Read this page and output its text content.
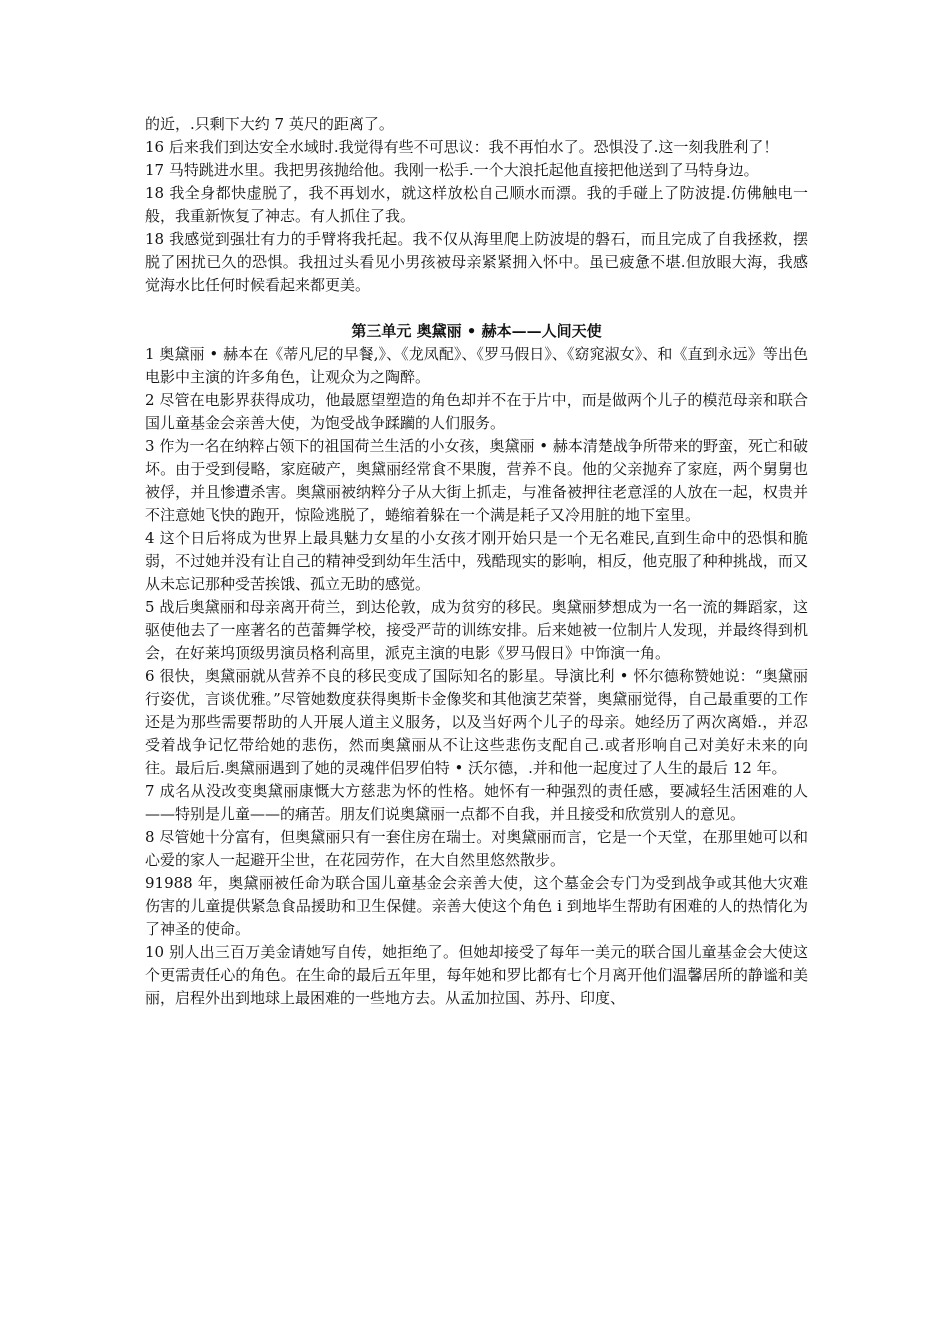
的近，.只剩下大约 7 英尺的距离了。

16 后来我们到达安全水域时.我觉得有些不可思议：我不再怕水了。恐惧没了.这一刻我胜利了！

17 马特跳进水里。我把男孩抛给他。我刚一松手.一个大浪托起他直接把他送到了马特身边。

18 我全身都快虚脱了，我不再划水，就这样放松自己顺水而漂。我的手碰上了防波提.仿佛触电一般，我重新恢复了神志。有人抓住了我。

18 我感觉到强壮有力的手臂将我托起。我不仅从海里爬上防波堤的磐石，而且完成了自我拯救，摆脱了困扰已久的恐惧。我扭过头看见小男孩被母亲紧紧拥入怀中。虽已疲惫不堪.但放眼大海，我感觉海水比任何时候看起来都更美。

第三单元 奥黛丽 • 赫本——人间天使

1 奥黛丽 • 赫本在《蒂凡尼的早餐,》、《龙凤配》、《罗马假日》、《窈窕淑女》、和《直到永远》等出色电影中主演的许多角色，让观众为之陶醉。

2 尽管在电影界获得成功，他最愿望塑造的角色却并不在于片中，而是做两个儿子的模范母亲和联合国儿童基金会亲善大使，为饱受战争蹂躏的人们服务。

3 作为一名在纳粹占领下的祖国荷兰生活的小女孩，奥黛丽 • 赫本清楚战争所带来的野蛮，死亡和破坏。由于受到侵略，家庭破产，奥黛丽经常食不果腹，营养不良。他的父亲抛弃了家庭，两个舅舅也被俘，并且惨遭杀害。奥黛丽被纳粹分子从大街上抓走，与准备被押往老意淫的人放在一起，权贵并不注意她飞快的跑开，惊险逃脱了，蜷缩着躲在一个满是耗子又冷用脏的地下室里。

4 这个日后将成为世界上最具魅力女星的小女孩才刚开始只是一个无名难民,直到生命中的恐惧和脆弱，不过她并没有让自己的精神受到幼年生活中，残酷现实的影响，相反，他克服了种种挑战，而又从未忘记那种受苦挨饿、孤立无助的感觉。

5 战后奥黛丽和母亲离开荷兰，到达伦敦，成为贫穷的移民。奥黛丽梦想成为一名一流的舞蹈家，这驱使他去了一座著名的芭蕾舞学校，接受严苛的训练安排。后来她被一位制片人发现，并最终得到机会，在好莱坞顶级男演员格利高里，派克主演的电影《罗马假日》中饰演一角。

6 很快，奥黛丽就从营养不良的移民变成了国际知名的影星。导演比利 • 怀尔德称赞她说：“奥黛丽行姿优，言谈优雅。”尽管她数度获得奥斯卡金像奖和其他演艺荣誉，奥黛丽觉得，自己最重要的工作还是为那些需要帮助的人开展人道主义服务，以及当好两个儿子的母亲。她经历了两次离婚.，并忍受着战争记忆带给她的悲伤，然而奥黛丽从不让这些悲伤支配自己.或者形响自己对美好未来的向往。最后后.奥黛丽遇到了她的灵魂伴侣罗伯特 • 沃尔德，.并和他一起度过了人生的最后 12 年。

7 成名从没改变奥黛丽康慨大方慈悲为怀的性格。她怀有一种强烈的责任感，要减轻生活困难的人——特别是儿童——的痛苦。朋友们说奥黛丽一点都不自我，并且接受和欣赏别人的意见。

8 尽管她十分富有，但奥黛丽只有一套住房在瑞士。对奥黛丽而言，它是一个天堂，在那里她可以和心爱的家人一起避开尘世，在花园劳作，在大自然里悠然散步。

91988 年，奥黛丽被任命为联合国儿童基金会亲善大使，这个墓金会专门为受到战争或其他大灾难伤害的儿童提供紧急食品援助和卫生保健。亲善大使这个角色 i 到地毕生帮助有困难的人的热情化为了神圣的使命。

10 别人出三百万美金请她写自传，她拒绝了。但她却接受了每年一美元的联合国儿童基金会大使这个更需责任心的角色。在生命的最后五年里，每年她和罗比都有七个月离开他们温馨居所的静谧和美丽，启程外出到地球上最困难的一些地方去。从孟加拉国、苏丹、印度、
